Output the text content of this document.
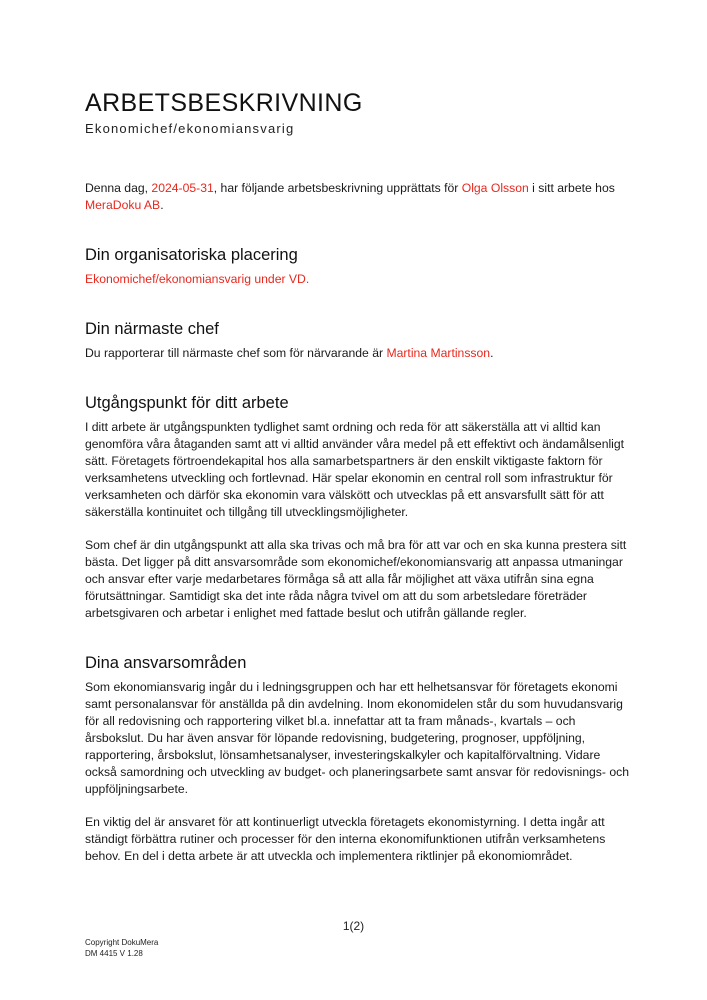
ARBETSBESKRIVNING
Ekonomichef/ekonomiansvarig

Denna dag, 2024-05-31, har följande arbetsbeskrivning upprättats för Olga Olsson i sitt arbete hos MeraDoku AB.

Din organisatoriska placering

Ekonomichef/ekonomiansvarig under VD.

Din närmaste chef

Du rapporterar till närmaste chef som för närvarande är Martina Martinsson.

Utgångspunkt för ditt arbete

I ditt arbete är utgångspunkten tydlighet samt ordning och reda för att säkerställa att vi alltid kan genomföra våra åtaganden samt att vi alltid använder våra medel på ett effektivt och ändamålsenligt sätt. Företagets förtroendekapital hos alla samarbetspartners är den enskilt viktigaste faktorn för verksamhetens utveckling och fortlevnad. Här spelar ekonomin en central roll som infrastruktur för verksamheten och därför ska ekonomin vara välskött och utvecklas på ett ansvarsfullt sätt för att säkerställa kontinuitet och tillgång till utvecklingsmöjligheter.

Som chef är din utgångspunkt att alla ska trivas och må bra för att var och en ska kunna prestera sitt bästa. Det ligger på ditt ansvarsområde som ekonomichef/ekonomiansvarig att anpassa utmaningar och ansvar efter varje medarbetares förmåga så att alla får möjlighet att växa utifrån sina egna förutsättningar. Samtidigt ska det inte råda några tvivel om att du som arbetsledare företräder arbetsgivaren och arbetar i enlighet med fattade beslut och utifrån gällande regler.

Dina ansvarsområden

Som ekonomiansvarig ingår du i ledningsgruppen och har ett helhetsansvar för företagets ekonomi samt personalansvar för anställda på din avdelning. Inom ekonomidelen står du som huvudansvarig för all redovisning och rapportering vilket bl.a. innefattar att ta fram månads-, kvartals – och årsbokslut. Du har även ansvar för löpande redovisning, budgetering, prognoser, uppföljning, rapportering, årsbokslut, lönsamhetsanalyser, investeringskalkyler och kapitalförvaltning. Vidare också samordning och utveckling av budget- och planeringsarbete samt ansvar för redovisnings- och uppföljningsarbete.

En viktig del är ansvaret för att kontinuerligt utveckla företagets ekonomistyrning. I detta ingår att ständigt förbättra rutiner och processer för den interna ekonomifunktionen utifrån verksamhetens behov. En del i detta arbete är att utveckla och implementera riktlinjer på ekonomiområdet.

1(2)
Copyright DokuMera
DM 4415 V 1.28
